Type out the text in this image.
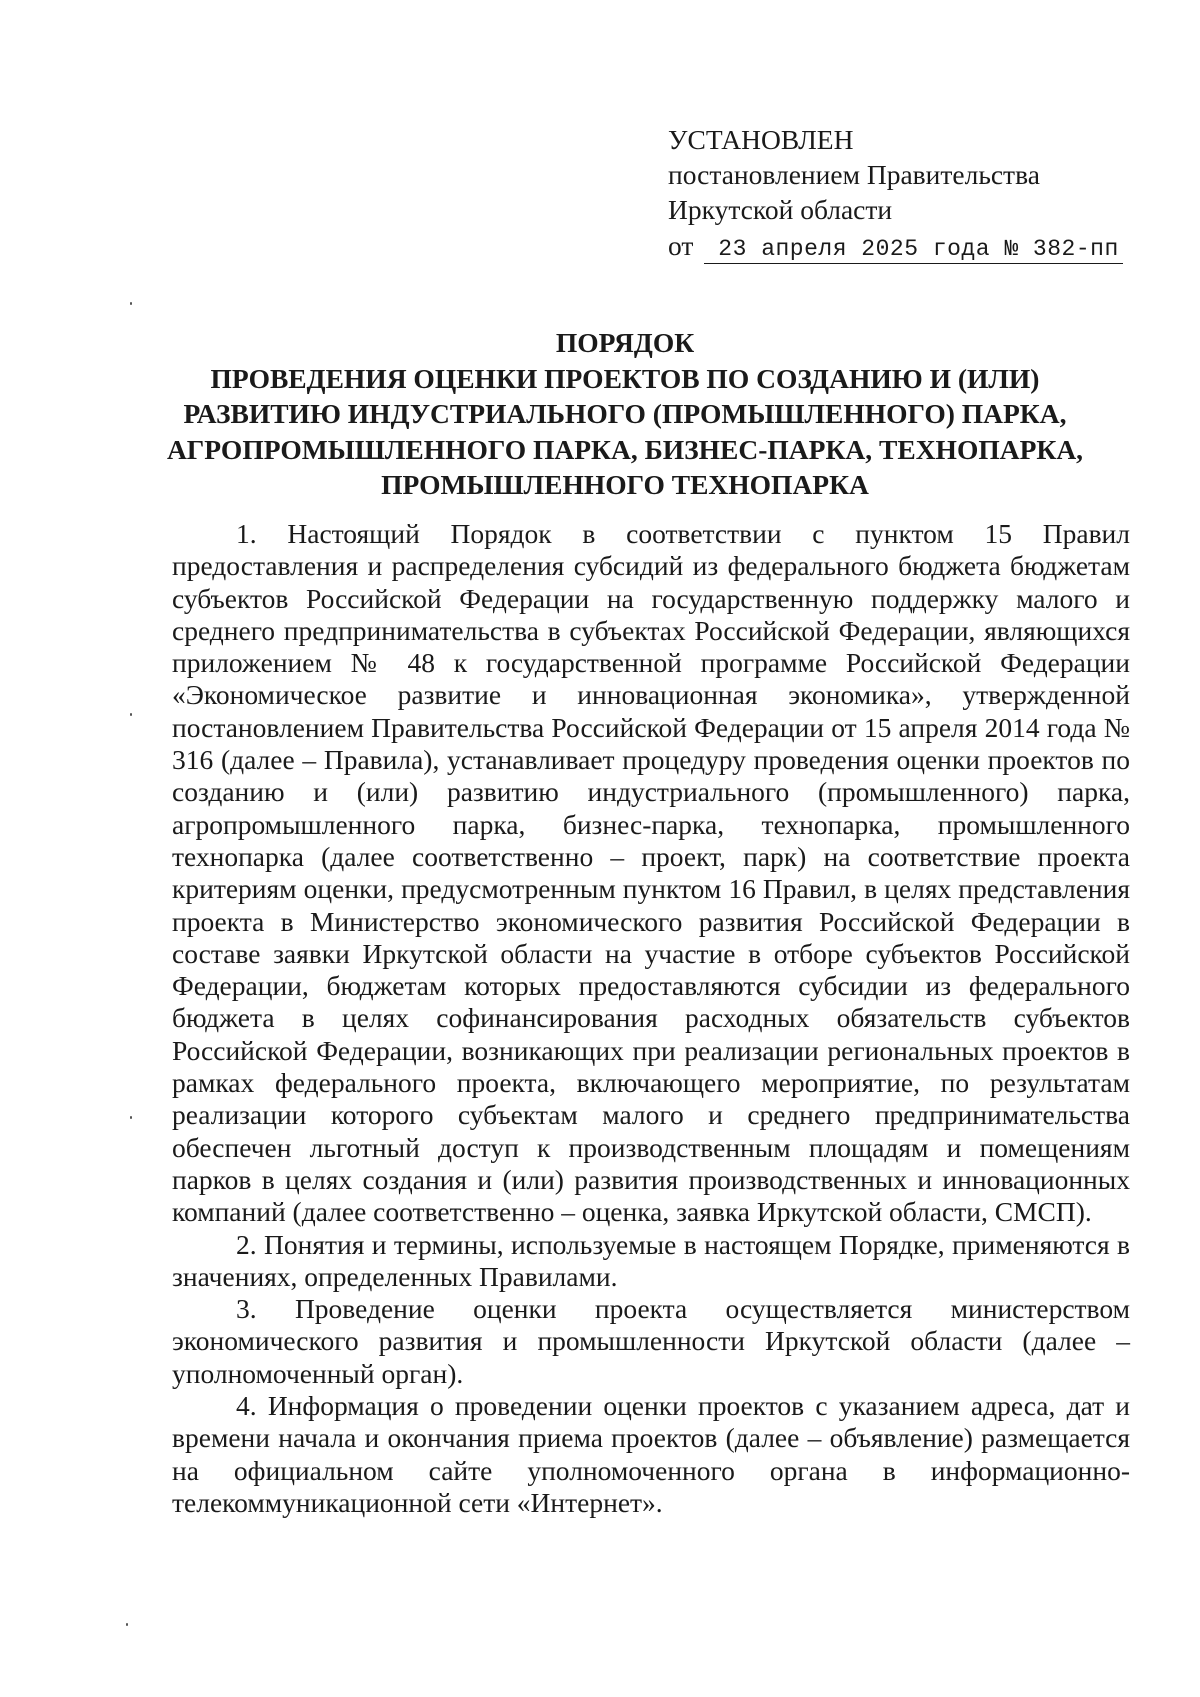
УСТАНОВЛЕН
постановлением Правительства
Иркутской области
от 23 апреля 2025 года № 382-пп
ПОРЯДОК
ПРОВЕДЕНИЯ ОЦЕНКИ ПРОЕКТОВ ПО СОЗДАНИЮ И (ИЛИ)
РАЗВИТИЮ ИНДУСТРИАЛЬНОГО (ПРОМЫШЛЕННОГО) ПАРКА,
АГРОПРОМЫШЛЕННОГО ПАРКА, БИЗНЕС-ПАРКА, ТЕХНОПАРКА,
ПРОМЫШЛЕННОГО ТЕХНОПАРКА

1. Настоящий Порядок в соответствии с пунктом 15 Правил предоставления и распределения субсидий из федерального бюджета бюджетам субъектов Российской Федерации на государственную поддержку малого и среднего предпринимательства в субъектах Российской Федерации, являющихся приложением № 48 к государственной программе Российской Федерации «Экономическое развитие и инновационная экономика», утвержденной постановлением Правительства Российской Федерации от 15 апреля 2014 года № 316 (далее – Правила), устанавливает процедуру проведения оценки проектов по созданию и (или) развитию индустриального (промышленного) парка, агропромышленного парка, бизнес-парка, технопарка, промышленного технопарка (далее соответственно – проект, парк) на соответствие проекта критериям оценки, предусмотренным пунктом 16 Правил, в целях представления проекта в Министерство экономического развития Российской Федерации в составе заявки Иркутской области на участие в отборе субъектов Российской Федерации, бюджетам которых предоставляются субсидии из федерального бюджета в целях софинансирования расходных обязательств субъектов Российской Федерации, возникающих при реализации региональных проектов в рамках федерального проекта, включающего мероприятие, по результатам реализации которого субъектам малого и среднего предпринимательства обеспечен льготный доступ к производственным площадям и помещениям парков в целях создания и (или) развития производственных и инновационных компаний (далее соответственно – оценка, заявка Иркутской области, СМСП).

2. Понятия и термины, используемые в настоящем Порядке, применяются в значениях, определенных Правилами.

3. Проведение оценки проекта осуществляется министерством экономического развития и промышленности Иркутской области (далее – уполномоченный орган).

4. Информация о проведении оценки проектов с указанием адреса, дат и времени начала и окончания приема проектов (далее – объявление) размещается на официальном сайте уполномоченного органа в информационно-телекоммуникационной сети «Интернет».
